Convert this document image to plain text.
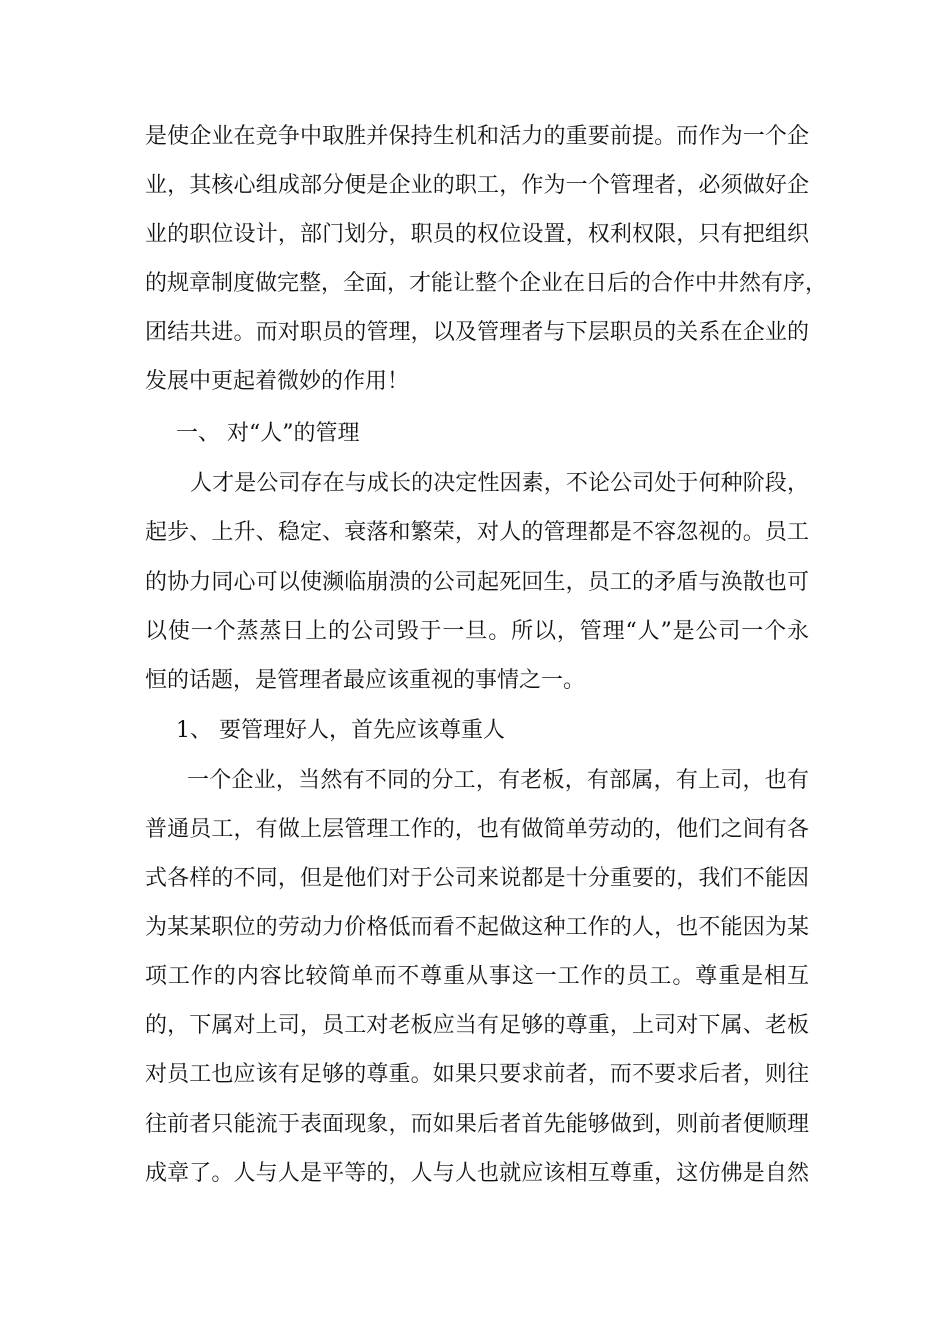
是使企业在竞争中取胜并保持生机和活力的重要前提。而作为一个企
业，其核心组成部分便是企业的职工，作为一个管理者，必须做好企
业的职位设计，部门划分，职员的权位设置，权利权限，只有把组织
的规章制度做完整，全面，才能让整个企业在日后的合作中井然有序，
团结共进。而对职员的管理，以及管理者与下层职员的关系在企业的
发展中更起着微妙的作用！
一、 对“人”的管理
人才是公司存在与成长的决定性因素，不论公司处于何种阶段，
起步、上升、稳定、衰落和繁荣，对人的管理都是不容忽视的。员工
的协力同心可以使濒临崩溃的公司起死回生，员工的矛盾与涣散也可
以使一个蒸蒸日上的公司毁于一旦。所以，管理“人”是公司一个永
恒的话题，是管理者最应该重视的事情之一。
1、 要管理好人，首先应该尊重人
一个企业，当然有不同的分工，有老板，有部属，有上司，也有
普通员工，有做上层管理工作的，也有做简单劳动的，他们之间有各
式各样的不同，但是他们对于公司来说都是十分重要的，我们不能因
为某某职位的劳动力价格低而看不起做这种工作的人，也不能因为某
项工作的内容比较简单而不尊重从事这一工作的员工。尊重是相互
的，下属对上司，员工对老板应当有足够的尊重，上司对下属、老板
对员工也应该有足够的尊重。如果只要求前者，而不要求后者，则往
往前者只能流于表面现象，而如果后者首先能够做到，则前者便顺理
成章了。人与人是平等的，人与人也就应该相互尊重，这仿佛是自然
